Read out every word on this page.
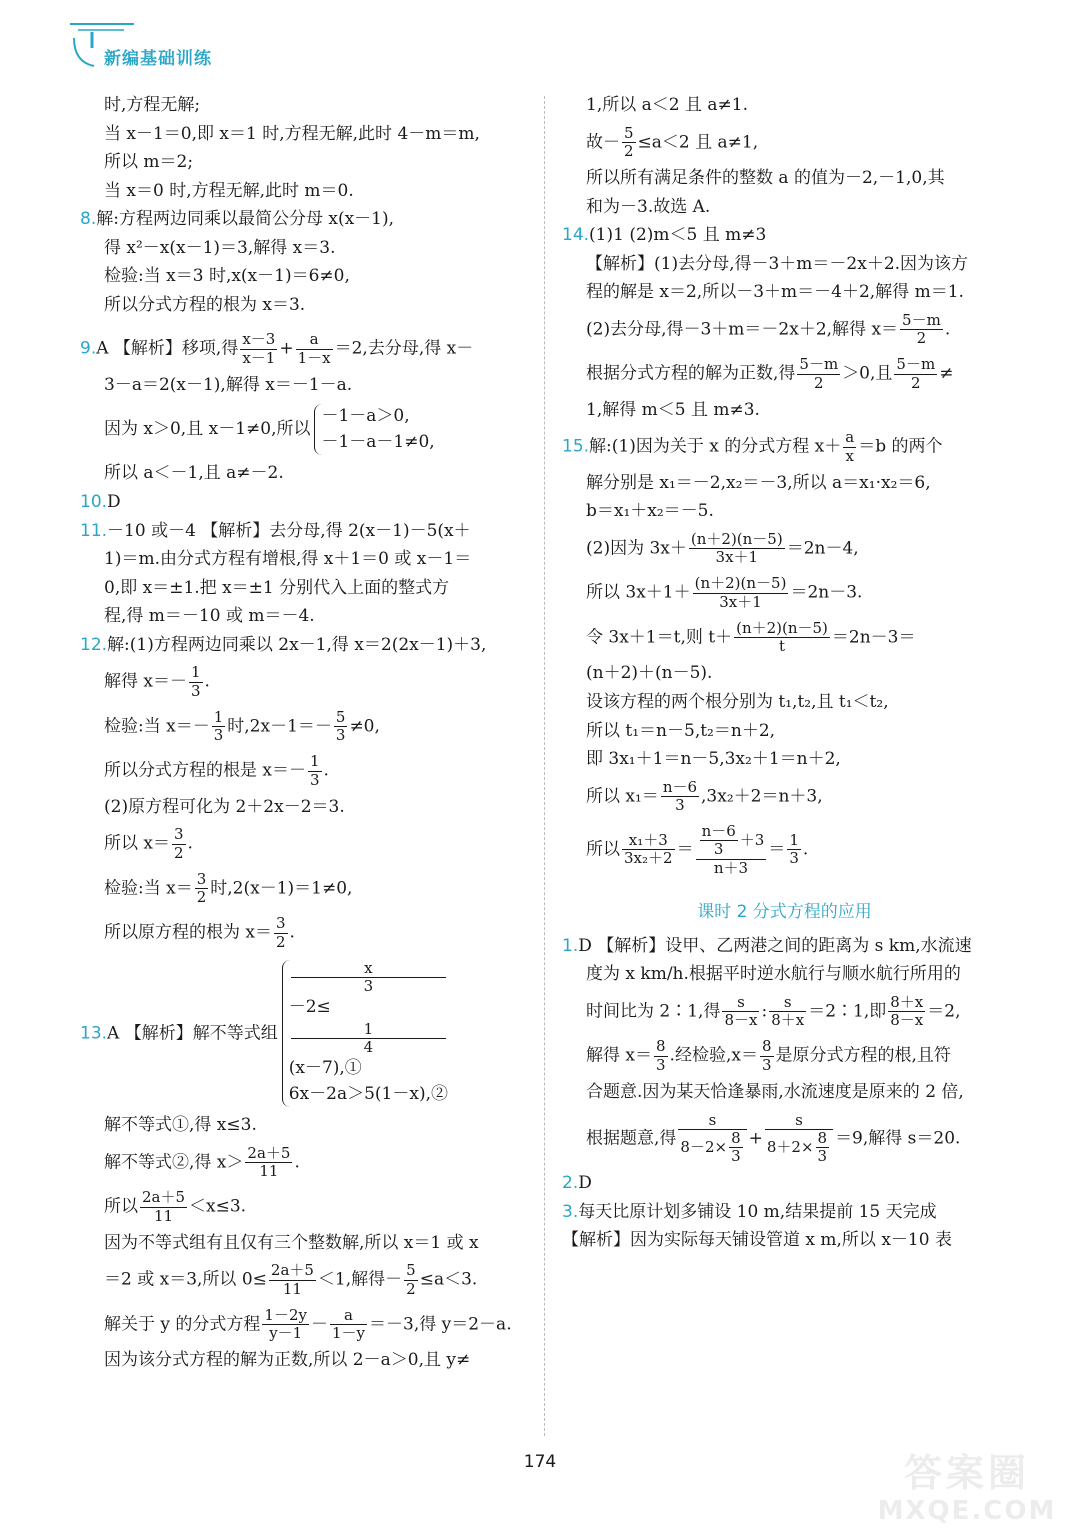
新编基础训练
时,方程无解;
当 x－1＝0,即 x＝1 时,方程无解,此时 4－m＝m,
所以 m＝2;
当 x＝0 时,方程无解,此时 m＝0.
8.解:方程两边同乘以最简公分母 x(x－1),
得 x²－x(x－1)＝3,解得 x＝3.
检验:当 x＝3 时,x(x－1)＝6≠0,
所以分式方程的根为 x＝3.
9.A 【解析】移项,得 $\frac{x-3}{x-1} + \frac{a}{1-x} =2$,去分母,得 x－
3－a＝2(x－1),解得 x＝－1－a.
因为 x＞0,且 x－1≠0,所以
－1－a＞0,
－1－a－1≠0,
所以 a＜－1,且 a≠－2.
10.D
11.－10 或－4 【解析】去分母,得 2(x－1)－5(x＋
1)＝m.由分式方程有增根,得 x＋1＝0 或 x－1＝
0,即 x＝±1.把 x＝±1 分别代入上面的整式方
程,得 m＝－10 或 m＝－4.
12.解:(1)方程两边同乘以 2x－1,得 x＝2(2x－1)＋3,
解得 $x=- \frac{1}{3}$ .
检验:当 $x=- \frac{1}{3}$ 时$,2x-1=- \frac{5}{3} \ne 0$,
所以分式方程的根是 $x=- \frac{1}{3}$ .
(2)原方程可化为 2＋2x－2＝3.
所以 $x= \frac{3}{2}$ .
检验:当 $x= \frac{3}{2}$ 时,2(x－1)＝1≠0,
所以原方程的根为 $x= \frac{3}{2}$ .
13.A 【解析】解不等式组
x
3
－2≤
1
4
(x－7),①
6x－2a＞5(1－x),②
解不等式①,得 x≤3.
解不等式②,得 $x> \frac{2a+5}{11}$ .
所以 $\frac{2a+5}{11} <x\le 3$.
因为不等式组有且仅有三个整数解,所以 x＝1 或 x
＝2 或 x＝3,所以 $0\le \frac{2a+5}{11} <1$,解得－ $\frac{5}{2} \le a<3$.
解关于 y 的分式方程 $\frac{1-2y}{y-1} - \frac{a}{1-y} =-3$,得 y＝2－a.
因为该分式方程的解为正数,所以 2－a＞0,且 y≠
1,所以 a＜2 且 a≠1.
故－ $\frac{5}{2} \le a<2$ 且 a≠1,
所以所有满足条件的整数 a 的值为－2,－1,0,其
和为－3.故选 A.
14.(1)1 (2)m＜5 且 m≠3
【解析】(1)去分母,得－3＋m＝－2x＋2.因为该方
程的解是 x＝2,所以－3＋m＝－4＋2,解得 m＝1.
(2)去分母,得－3＋m＝－2x＋2,解得 $x= \frac{5-m}{2}$ .
根据分式方程的解为正数,得 $\frac{5-m}{2} >0$,且 $\frac{5-m}{2}$ ≠
1,解得 m＜5 且 m≠3.
15.解:(1)因为关于 x 的分式方程 $x+ \frac{a}{x} =b$ 的两个
解分别是 x₁＝－2,x₂＝－3,所以 a＝x₁·x₂＝6,
b＝x₁＋x₂＝－5.
(2)因为 $3x+ \frac{(n+2)(n-5)}{3x+1} =2n-4$,
所以 $3x+1+ \frac{(n+2)(n-5)}{3x+1} =2n-3$.
令 3x＋1＝t,则 $t+ \frac{(n+2)(n-5)}{t} =2n-3=$
(n＋2)＋(n－5).
设该方程的两个根分别为 t₁,t₂,且 t₁＜t₂,
所以 t₁＝n－5,t₂＝n＋2,
即 3x₁＋1＝n－5,3x₂＋1＝n＋2,
所以 $x_1= \frac{n-6}{3} ,3x_2+2=n+3$,
所以 $\frac{\text{x₁＋3}}{\text{3x₂＋2}} = \frac{\frac{n-6}{3} +3}{n+3} = \frac{1}{3}$ .
课时 2 分式方程的应用
1.D 【解析】设甲、乙两港之间的距离为 s km,水流速
度为 x km/h.根据平时逆水航行与顺水航行所用的
时间比为 2∶1,得 $\frac{s}{8-x}$ : $\frac{s}{8+x}$ ＝2∶1,即 $\frac{8+x}{8-x} =2$,
解得 $x= \frac{8}{3}$ .经检验$,x= \frac{8}{3}$ 是原分式方程的根,且符
合题意.因为某天恰逢暴雨,水流速度是原来的 2 倍,
根据题意,得 $\frac{s}{8-2\times \frac{8}{3}} + \frac{s}{8+2\times \frac{8}{3}} =9$,解得 s＝20.
2.D
3.每天比原计划多铺设 10 m,结果提前 15 天完成
【解析】因为实际每天铺设管道 x m,所以 x－10 表
174	答案圈
MXQE.COM
